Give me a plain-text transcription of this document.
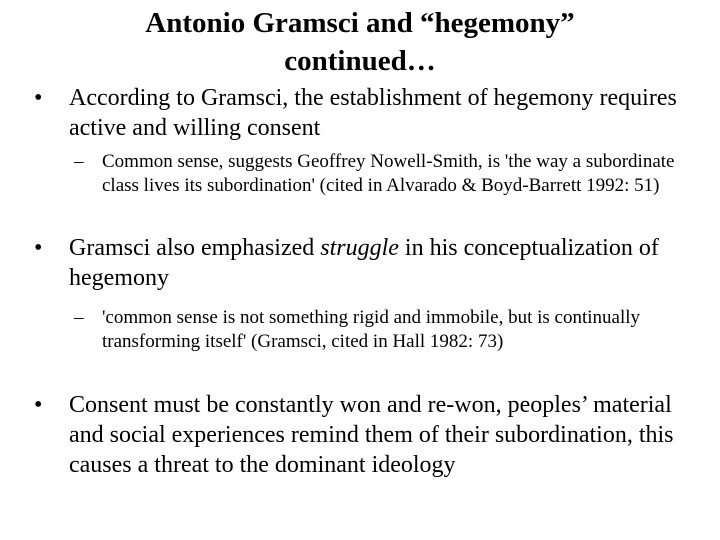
Antonio Gramsci and “hegemony”
continued…
• According to Gramsci, the establishment of hegemony requires active and willing consent
– Common sense, suggests Geoffrey Nowell-Smith, is 'the way a subordinate class lives its subordination' (cited in Alvarado & Boyd-Barrett 1992: 51)
• Gramsci also emphasized struggle in his conceptualization of hegemony
– 'common sense is not something rigid and immobile, but is continually transforming itself' (Gramsci, cited in Hall 1982: 73)
• Consent must be constantly won and re-won, peoples’ material and social experiences remind them of their subordination, this causes a threat to the dominant ideology
